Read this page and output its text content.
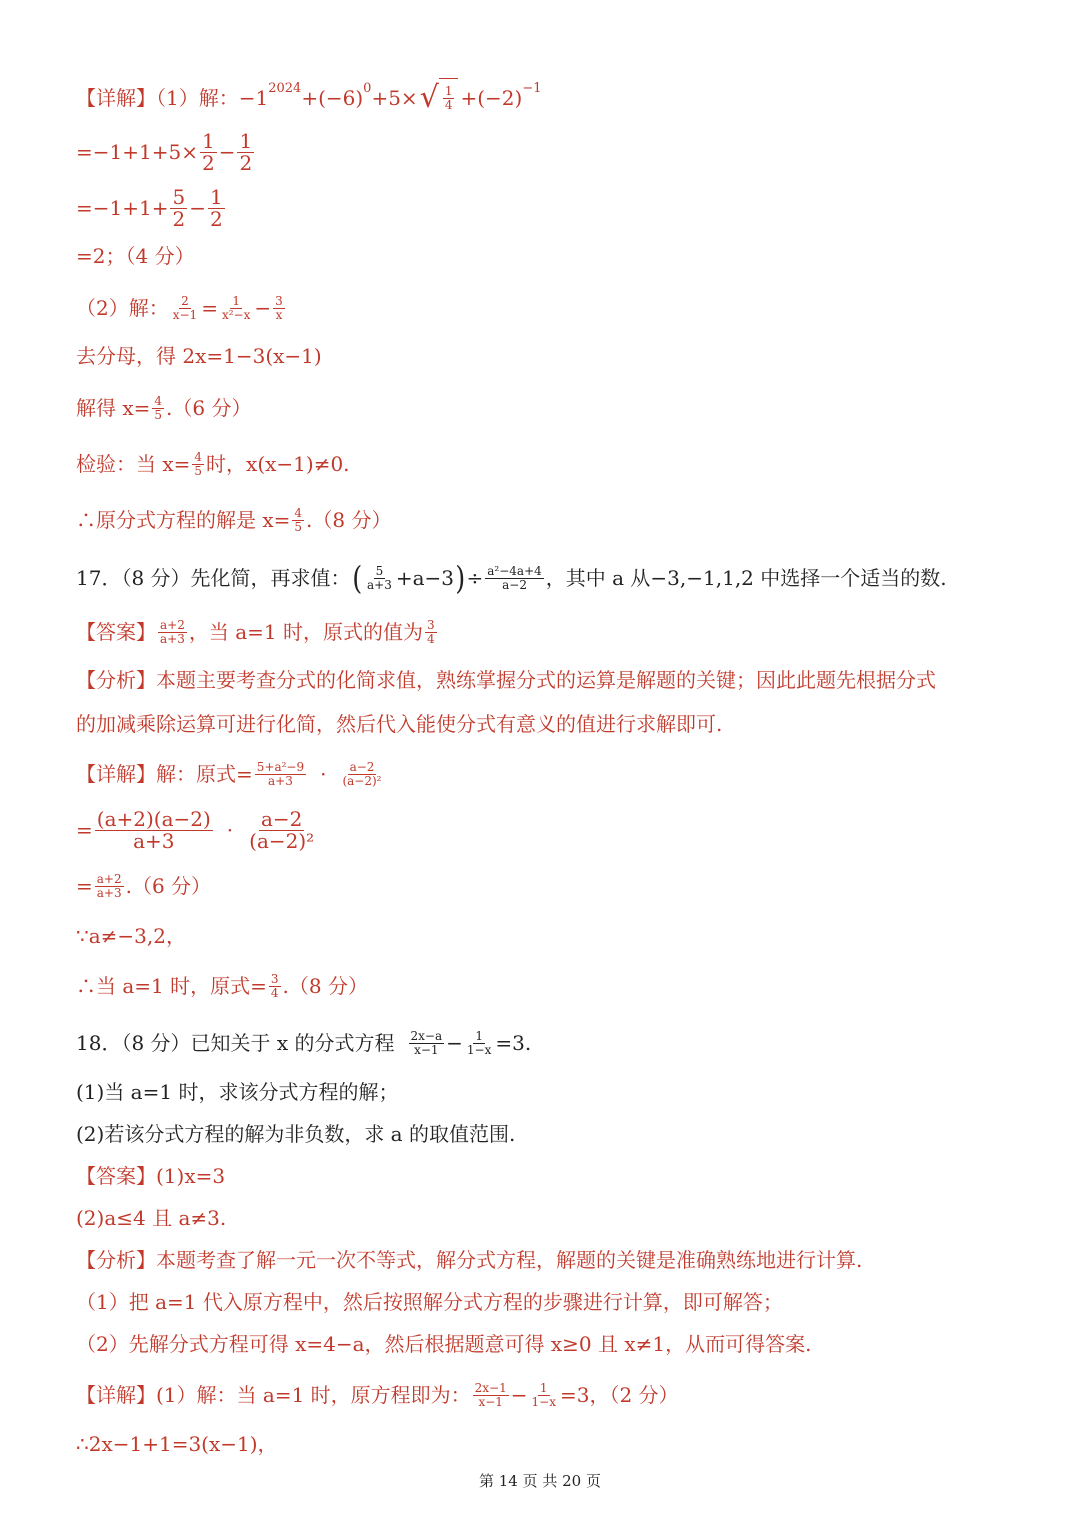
【详解】（1）解：−1 2024 +(−6) 0 +5× √ 1
4 +(−2) −1
$=-1+1+5\times \frac{1}{2} - \frac{1}{2}$
$=-1+1+ \frac{5}{2} - \frac{1}{2}$
=2；（4 分）
（2）解： $\frac{2}{x-1} = \frac{1}{\text{x²−x}} - \frac{3}{x}$
去分母，得 2x=1−3(x−1)
解得 $x= \frac{4}{5} .(6$ 分）
检验：当 $x= \frac{4}{5}$ 时，x(x−1)≠0.
∴原分式方程的解是 $x= \frac{4}{5} .(8$ 分）
17．（8 分）先化简，再求值： ( 5
a+3 +a−3 ) ÷ $\frac{\text{a²−4a+4}}{a-2}$ ，其中 a 从−3,−1,1,2 中选择一个适当的数.
【答案】 a+2
a+3 ，当 a=1 时，原式的值为 3
4
【分析】本题主要考查分式的化简求值，熟练掌握分式的运算是解题的关键；因此此题先根据分式
的加减乘除运算可进行化简，然后代入能使分式有意义的值进行求解即可.
【详解】解：原式= $\frac{\text{5+a²−9}}{a+3} \cdot a-2$
(a−2)²
= $\frac{(a+2)(a-2)}{a+3} \cdot a-2$
(a−2)²
= $\frac{a+2}{a+3} .(6$ 分）
∵a≠−3,2，
∴当 a=1 时，原式= $\frac{3}{4} .(8$ 分）
18．（8 分）已知关于 x 的分式方程 2x−a
$x-1 - \frac{1}{1-x} =3$.
(1)当 a=1 时，求该分式方程的解；
(2)若该分式方程的解为非负数，求 a 的取值范围.
【答案】(1)x=3
(2)a≤4 且 a≠3.
【分析】本题考查了解一元一次不等式，解分式方程，解题的关键是准确熟练地进行计算.
（1）把 a=1 代入原方程中，然后按照解分式方程的步骤进行计算，即可解答；
（2）先解分式方程可得 x=4−a，然后根据题意可得 x≥0 且 x≠1，从而可得答案.
【详解】(1）解：当 a=1 时，原方程即为： 2x−1
$x-1 - \frac{1}{1-x} =3$，（2 分）
∴2x−1+1=3(x−1)，
第 14 页 共 20 页
